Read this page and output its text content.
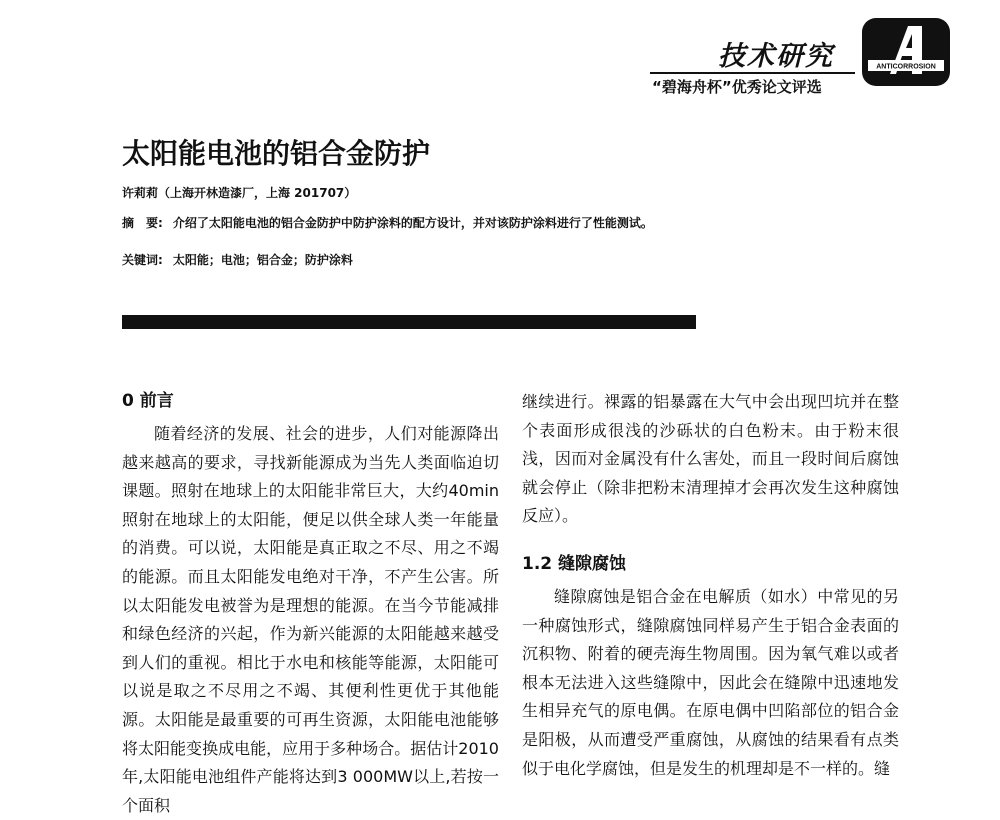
技术研究
“碧海舟杯”优秀论文评选
ANTICORROSION
太阳能电池的铝合金防护
许莉莉（上海开林造漆厂，上海 201707）
摘　要: 介绍了太阳能电池的铝合金防护中防护涂料的配方设计，并对该防护涂料进行了性能测试。
关键词: 太阳能；电池；铝合金；防护涂料
0 前言

随着经济的发展、社会的进步，人们对能源降出越来越高的要求，寻找新能源成为当先人类面临迫切课题。照射在地球上的太阳能非常巨大，大约40min照射在地球上的太阳能，便足以供全球人类一年能量的消费。可以说，太阳能是真正取之不尽、用之不竭的能源。而且太阳能发电绝对干净，不产生公害。所以太阳能发电被誉为是理想的能源。在当今节能减排和绿色经济的兴起，作为新兴能源的太阳能越来越受到人们的重视。相比于水电和核能等能源，太阳能可以说是取之不尽用之不竭、其便利性更优于其他能源。太阳能是最重要的可再生资源，太阳能电池能够将太阳能变换成电能，应用于多种场合。据估计2010年,太阳能电池组件产能将达到3 000MW以上,若按一个面积

继续进行。裸露的铝暴露在大气中会出现凹坑并在整个表面形成很浅的沙砾状的白色粉末。由于粉末很浅，因而对金属没有什么害处，而且一段时间后腐蚀就会停止（除非把粉末清理掉才会再次发生这种腐蚀反应）。

1.2 缝隙腐蚀

缝隙腐蚀是铝合金在电解质（如水）中常见的另一种腐蚀形式，缝隙腐蚀同样易产生于铝合金表面的沉积物、附着的硬壳海生物周围。因为氧气难以或者根本无法进入这些缝隙中，因此会在缝隙中迅速地发生相异充气的原电偶。在原电偶中凹陷部位的铝合金是阳极，从而遭受严重腐蚀，从腐蚀的结果看有点类似于电化学腐蚀，但是发生的机理却是不一样的。缝
